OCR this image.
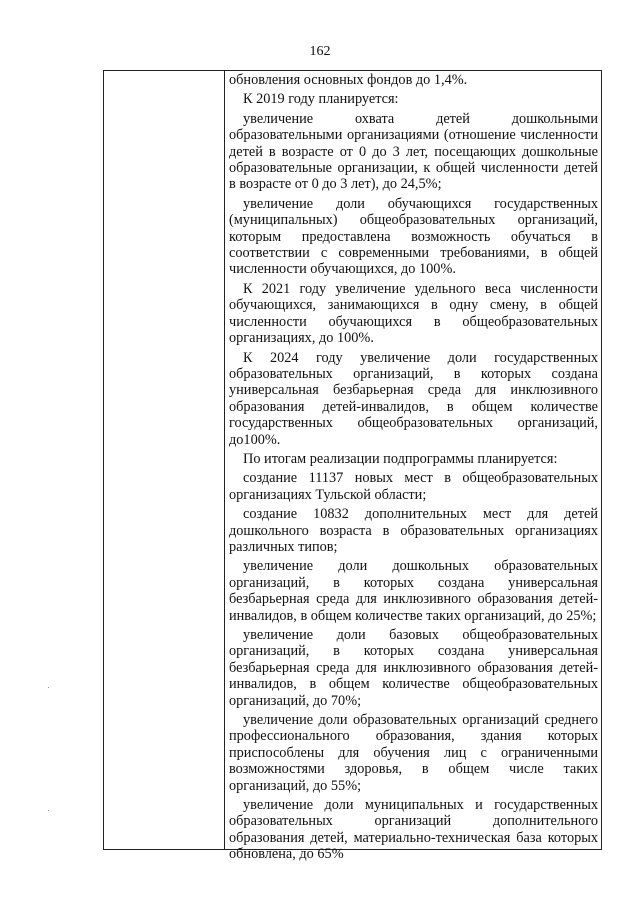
162

обновления основных фондов до 1,4%.

К 2019 году планируется:

увеличение охвата детей дошкольными образовательными организациями (отношение численности детей в возрасте от 0 до 3 лет, посещающих дошкольные образовательные организации, к общей численности детей в возрасте от 0 до 3 лет), до 24,5%;

увеличение доли обучающихся государственных (муниципальных) общеобразовательных организаций, которым предоставлена возможность обучаться в соответствии с современными требованиями, в общей численности обучающихся, до 100%.

К 2021 году увеличение удельного веса численности обучающихся, занимающихся в одну смену, в общей численности обучающихся в общеобразовательных организациях, до 100%.

К 2024 году увеличение доли государственных образовательных организаций, в которых создана универсальная безбарьерная среда для инклюзивного образования детей-инвалидов, в общем количестве государственных общеобразовательных организаций, до100%.

По итогам реализации подпрограммы планируется:

создание 11137 новых мест в общеобразовательных организациях Тульской области;

создание 10832 дополнительных мест для детей дошкольного возраста в образовательных организациях различных типов;

увеличение доли дошкольных образовательных организаций, в которых создана универсальная безбарьерная среда для инклюзивного образования детей-инвалидов, в общем количестве таких организаций, до 25%;

увеличение доли базовых общеобразовательных организаций, в которых создана универсальная безбарьерная среда для инклюзивного образования детей-инвалидов, в общем количестве общеобразовательных организаций, до 70%;

увеличение доли образовательных организаций среднего профессионального образования, здания которых приспособлены для обучения лиц с ограниченными возможностями здоровья, в общем числе таких организаций, до 55%;

увеличение доли муниципальных и государственных образовательных организаций дополнительного образования детей, материально-техническая база которых обновлена, до 65%
